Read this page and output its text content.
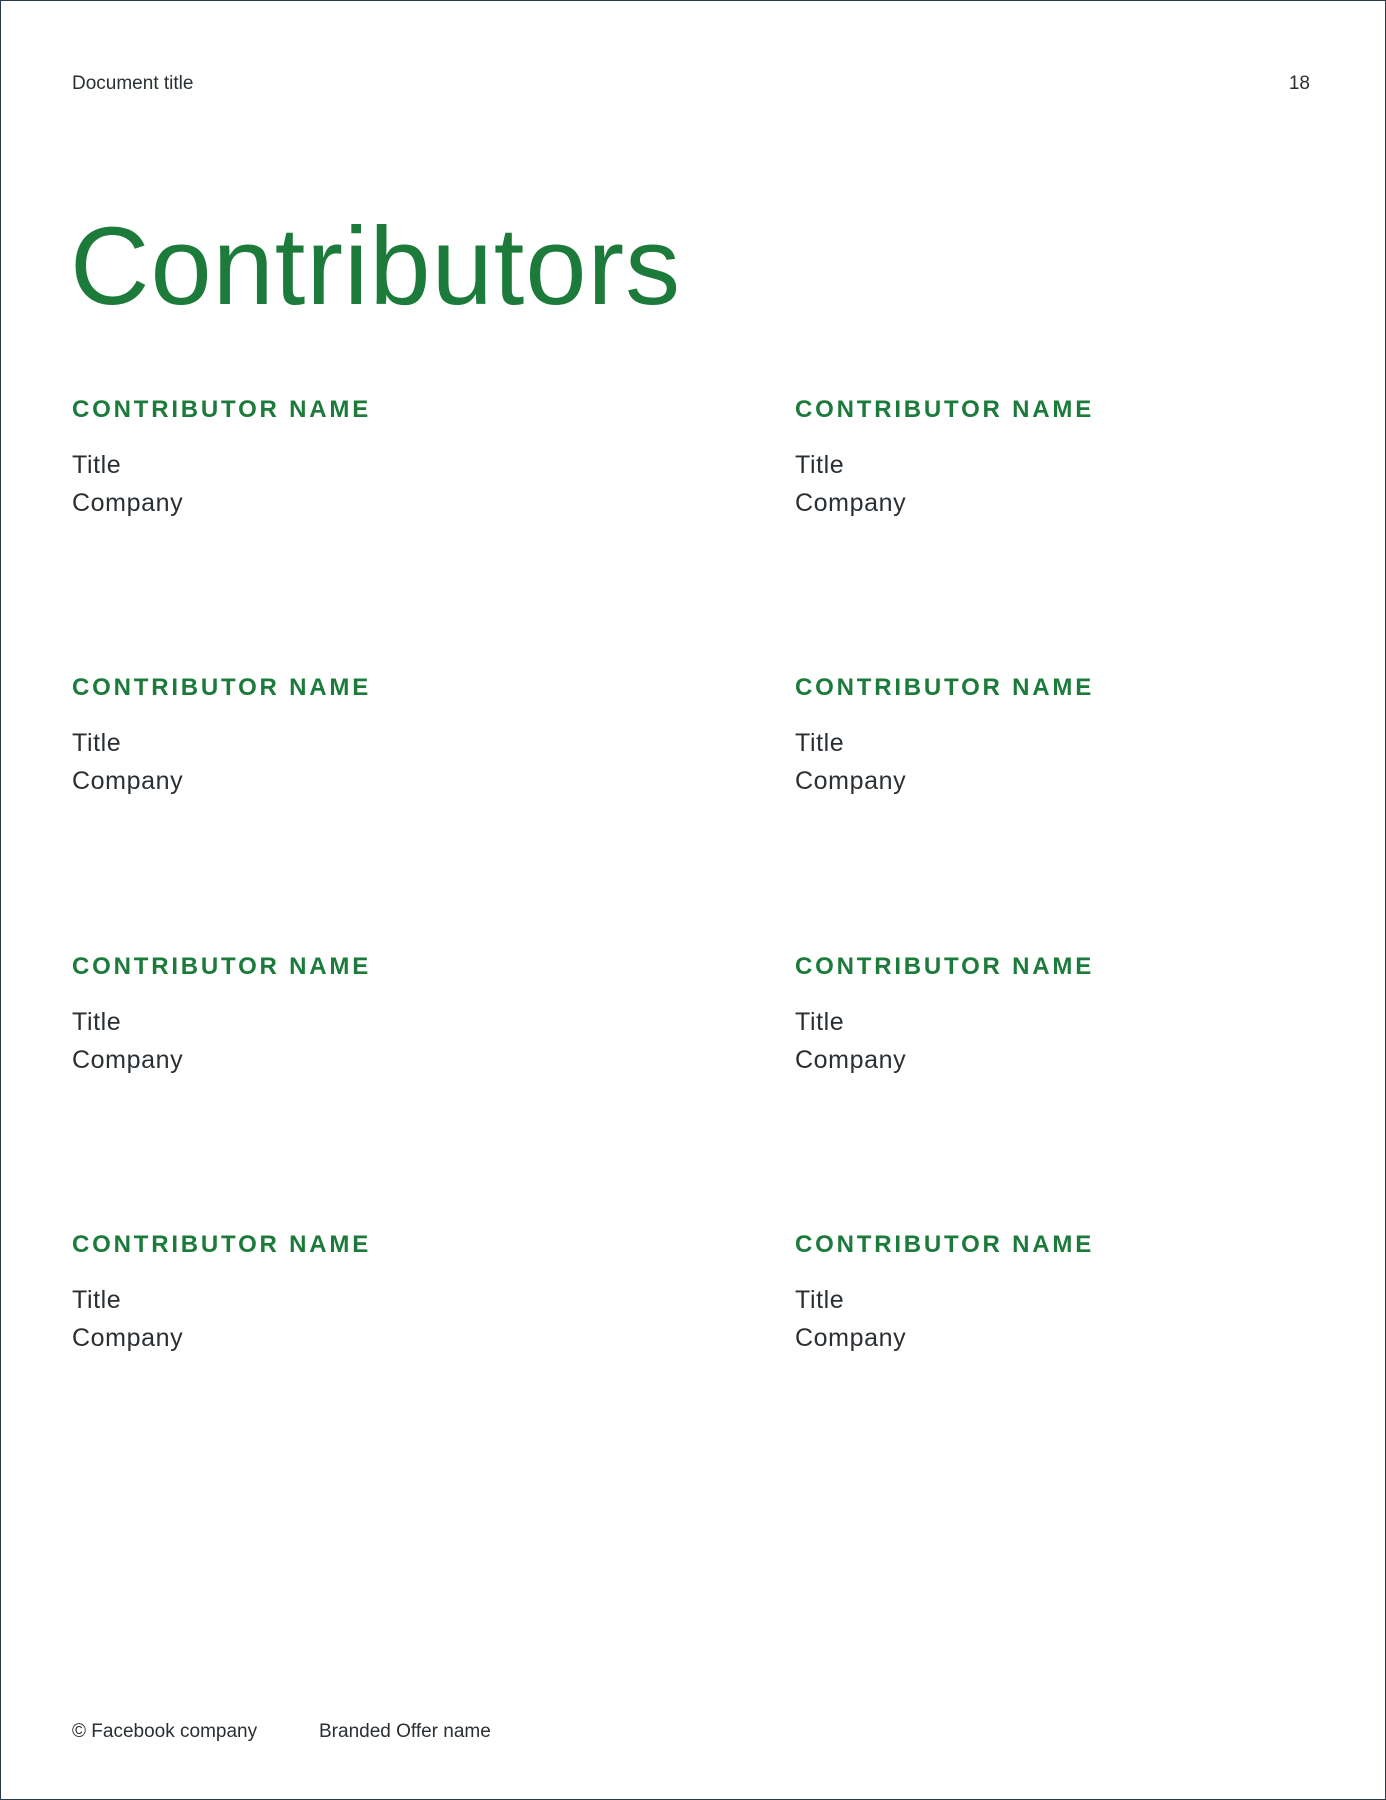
Document title	18
Contributors
CONTRIBUTOR NAME
Title
Company
CONTRIBUTOR NAME
Title
Company
CONTRIBUTOR NAME
Title
Company
CONTRIBUTOR NAME
Title
Company
CONTRIBUTOR NAME
Title
Company
CONTRIBUTOR NAME
Title
Company
CONTRIBUTOR NAME
Title
Company
CONTRIBUTOR NAME
Title
Company
© Facebook company	Branded Offer name
